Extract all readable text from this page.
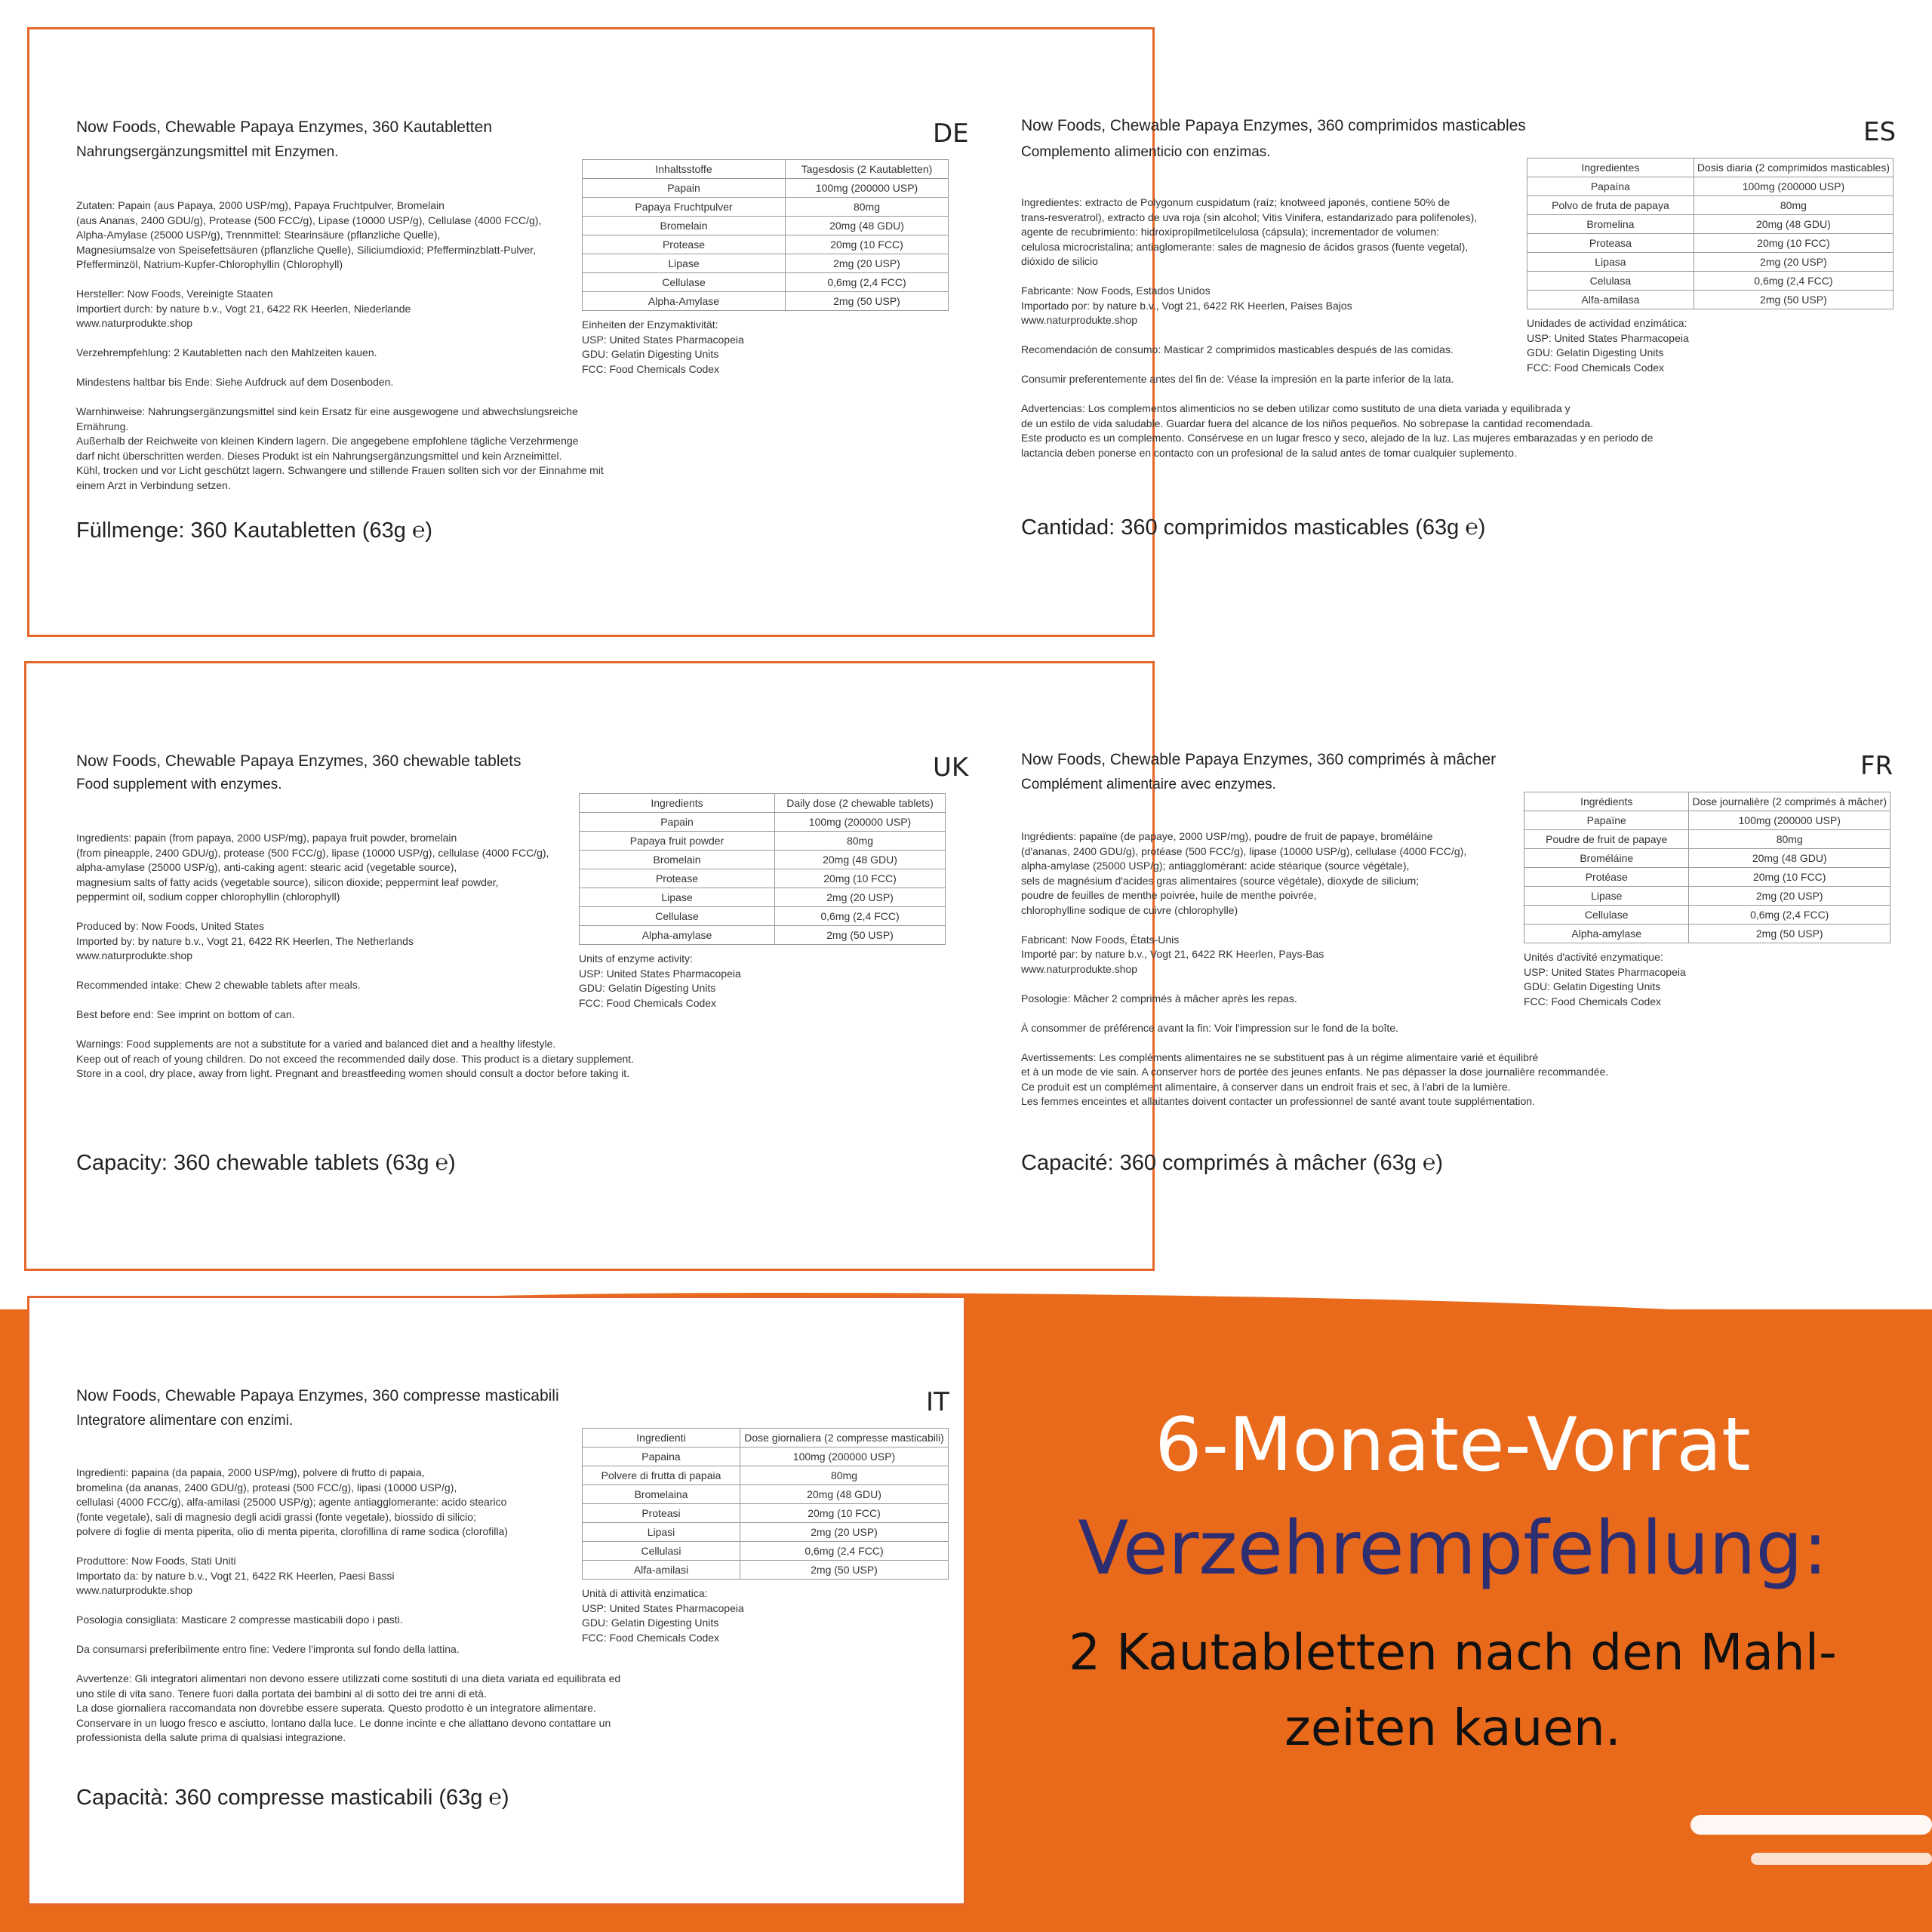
Now Foods, Chewable Papaya Enzymes, 360 Kautabletten	DE
Nahrungsergänzungsmittel mit Enzymen.

Zutaten: Papain (aus Papaya, 2000 USP/mg), Papaya Fruchtpulver, Bromelain
(aus Ananas, 2400 GDU/g), Protease (500 FCC/g), Lipase (10000 USP/g), Cellulase (4000 FCC/g),
Alpha-Amylase (25000 USP/g), Trennmittel: Stearinsäure (pflanzliche Quelle),
Magnesiumsalze von Speisefettsäuren (pflanzliche Quelle), Siliciumdioxid; Pfefferminzblatt-Pulver,
Pfefferminzöl, Natrium-Kupfer-Chlorophyllin (Chlorophyll)

Hersteller: Now Foods, Vereinigte Staaten
Importiert durch: by nature b.v., Vogt 21, 6422 RK Heerlen, Niederlande
www.naturprodukte.shop

Verzehrempfehlung: 2 Kautabletten nach den Mahlzeiten kauen.

Mindestens haltbar bis Ende: Siehe Aufdruck auf dem Dosenboden.

Warnhinweise: Nahrungsergänzungsmittel sind kein Ersatz für eine ausgewogene und abwechslungsreiche Ernährung.
Außerhalb der Reichweite von kleinen Kindern lagern. Die angegebene empfohlene tägliche Verzehrmenge
darf nicht überschritten werden. Dieses Produkt ist ein Nahrungsergänzungsmittel und kein Arzneimittel.
Kühl, trocken und vor Licht geschützt lagern. Schwangere und stillende Frauen sollten sich vor der Einnahme mit einem Arzt in Verbindung setzen.

Inhaltsstoffe	Tagesdosis (2 Kautabletten)
Papain	100mg (200000 USP)
Papaya Fruchtpulver	80mg
Bromelain	20mg (48 GDU)
Protease	20mg (10 FCC)
Lipase	2mg (20 USP)
Cellulase	0,6mg (2,4 FCC)
Alpha-Amylase	2mg (50 USP)
Einheiten der Enzymaktivität:
USP: United States Pharmacopeia
GDU: Gelatin Digesting Units
FCC: Food Chemicals Codex
Füllmenge: 360 Kautabletten (63g ℮)
Now Foods, Chewable Papaya Enzymes, 360 comprimidos masticables	ES
Complemento alimenticio con enzimas.

Ingredientes: extracto de Polygonum cuspidatum (raíz; knotweed japonés, contiene 50% de
trans-resveratrol), extracto de uva roja (sin alcohol; Vitis Vinifera, estandarizado para polifenoles),
agente de recubrimiento: hidroxipropilmetilcelulosa (cápsula); incrementador de volumen:
celulosa microcristalina; antiaglomerante: sales de magnesio de ácidos grasos (fuente vegetal),
dióxido de silicio

Fabricante: Now Foods, Estados Unidos
Importado por: by nature b.v., Vogt 21, 6422 RK Heerlen, Países Bajos
www.naturprodukte.shop

Recomendación de consumo: Masticar 2 comprimidos masticables después de las comidas.

Consumir preferentemente antes del fin de: Véase la impresión en la parte inferior de la lata.

Advertencias: Los complementos alimenticios no se deben utilizar como sustituto de una dieta variada y equilibrada y
de un estilo de vida saludable. Guardar fuera del alcance de los niños pequeños. No sobrepase la cantidad recomendada.
Este producto es un complemento. Consérvese en un lugar fresco y seco, alejado de la luz. Las mujeres embarazadas y en periodo de
lactancia deben ponerse en contacto con un profesional de la salud antes de tomar cualquier suplemento.

Ingredientes	Dosis diaria (2 comprimidos masticables)
Papaína	100mg (200000 USP)
Polvo de fruta de papaya	80mg
Bromelina	20mg (48 GDU)
Proteasa	20mg (10 FCC)
Lipasa	2mg (20 USP)
Celulasa	0,6mg (2,4 FCC)
Alfa-amilasa	2mg (50 USP)
Unidades de actividad enzimática:
USP: United States Pharmacopeia
GDU: Gelatin Digesting Units
FCC: Food Chemicals Codex
Cantidad: 360 comprimidos masticables (63g ℮)
Now Foods, Chewable Papaya Enzymes, 360 chewable tablets	UK
Food supplement with enzymes.

Ingredients: papain (from papaya, 2000 USP/mg), papaya fruit powder, bromelain
(from pineapple, 2400 GDU/g), protease (500 FCC/g), lipase (10000 USP/g), cellulase (4000 FCC/g),
alpha-amylase (25000 USP/g), anti-caking agent: stearic acid (vegetable source),
magnesium salts of fatty acids (vegetable source), silicon dioxide; peppermint leaf powder,
peppermint oil, sodium copper chlorophyllin (chlorophyll)

Produced by: Now Foods, United States
Imported by: by nature b.v., Vogt 21, 6422 RK Heerlen, The Netherlands
www.naturprodukte.shop

Recommended intake: Chew 2 chewable tablets after meals.

Best before end: See imprint on bottom of can.

Warnings: Food supplements are not a substitute for a varied and balanced diet and a healthy lifestyle.
Keep out of reach of young children. Do not exceed the recommended daily dose. This product is a dietary supplement.
Store in a cool, dry place, away from light. Pregnant and breastfeeding women should consult a doctor before taking it.

Ingredients	Daily dose (2 chewable tablets)
Papain	100mg (200000 USP)
Papaya fruit powder	80mg
Bromelain	20mg (48 GDU)
Protease	20mg (10 FCC)
Lipase	2mg (20 USP)
Cellulase	0,6mg (2,4 FCC)
Alpha-amylase	2mg (50 USP)
Units of enzyme activity:
USP: United States Pharmacopeia
GDU: Gelatin Digesting Units
FCC: Food Chemicals Codex
Capacity: 360 chewable tablets (63g ℮)
Now Foods, Chewable Papaya Enzymes, 360 comprimés à mâcher	FR
Complément alimentaire avec enzymes.

Ingrédients: papaïne (de papaye, 2000 USP/mg), poudre de fruit de papaye, broméláine
(d'ananas, 2400 GDU/g), protéase (500 FCC/g), lipase (10000 USP/g), cellulase (4000 FCC/g),
alpha-amylase (25000 USP/g); antiagglomérant: acide stéarique (source végétale),
sels de magnésium d'acides gras alimentaires (source végétale), dioxyde de silicium;
poudre de feuilles de menthe poivrée, huile de menthe poivrée,
chlorophylline sodique de cuivre (chlorophylle)

Fabricant: Now Foods, États-Unis
Importé par: by nature b.v., Vogt 21, 6422 RK Heerlen, Pays-Bas
www.naturprodukte.shop

Posologie: Mâcher 2 comprimés à mâcher après les repas.

À consommer de préférence avant la fin: Voir l'impression sur le fond de la boîte.

Avertissements: Les compléments alimentaires ne se substituent pas à un régime alimentaire varié et équilibré
et à un mode de vie sain. A conserver hors de portée des jeunes enfants. Ne pas dépasser la dose journalière recommandée.
Ce produit est un complément alimentaire, à conserver dans un endroit frais et sec, à l'abri de la lumière.
Les femmes enceintes et allaitantes doivent contacter un professionnel de santé avant toute supplémentation.

Ingrédients	Dose journalière (2 comprimés à mâcher)
Papaïne	100mg (200000 USP)
Poudre de fruit de papaye	80mg
Broméláine	20mg (48 GDU)
Protéase	20mg (10 FCC)
Lipase	2mg (20 USP)
Cellulase	0,6mg (2,4 FCC)
Alpha-amylase	2mg (50 USP)
Unités d'activité enzymatique:
USP: United States Pharmacopeia
GDU: Gelatin Digesting Units
FCC: Food Chemicals Codex
Capacité: 360 comprimés à mâcher (63g ℮)
Now Foods, Chewable Papaya Enzymes, 360 compresse masticabili	IT
Integratore alimentare con enzimi.

Ingredienti: papaina (da papaia, 2000 USP/mg), polvere di frutto di papaia,
bromelina (da ananas, 2400 GDU/g), proteasi (500 FCC/g), lipasi (10000 USP/g),
cellulasi (4000 FCC/g), alfa-amilasi (25000 USP/g); agente antiagglomerante: acido stearico
(fonte vegetale), sali di magnesio degli acidi grassi (fonte vegetale), biossido di silicio;
polvere di foglie di menta piperita, olio di menta piperita, clorofillina di rame sodica (clorofilla)

Produttore: Now Foods, Stati Uniti
Importato da: by nature b.v., Vogt 21, 6422 RK Heerlen, Paesi Bassi
www.naturprodukte.shop

Posologia consigliata: Masticare 2 compresse masticabili dopo i pasti.

Da consumarsi preferibilmente entro fine: Vedere l'impronta sul fondo della lattina.

Avvertenze: Gli integratori alimentari non devono essere utilizzati come sostituti di una dieta variata ed equilibrata ed
uno stile di vita sano. Tenere fuori dalla portata dei bambini al di sotto dei tre anni di età.
La dose giornaliera raccomandata non dovrebbe essere superata. Questo prodotto è un integratore alimentare.
Conservare in un luogo fresco e asciutto, lontano dalla luce. Le donne incinte e che allattano devono contattare un
professionista della salute prima di qualsiasi integrazione.

Ingredienti	Dose giornaliera (2 compresse masticabili)
Papaina	100mg (200000 USP)
Polvere di frutta di papaia	80mg
Bromelaina	20mg (48 GDU)
Proteasi	20mg (10 FCC)
Lipasi	2mg (20 USP)
Cellulasi	0,6mg (2,4 FCC)
Alfa-amilasi	2mg (50 USP)
Unità di attività enzimatica:
USP: United States Pharmacopeia
GDU: Gelatin Digesting Units
FCC: Food Chemicals Codex
Capacità: 360 compresse masticabili (63g ℮)
6-Monate-Vorrat
Verzehrempfehlung:
2 Kautabletten nach den Mahl-
zeiten kauen.
